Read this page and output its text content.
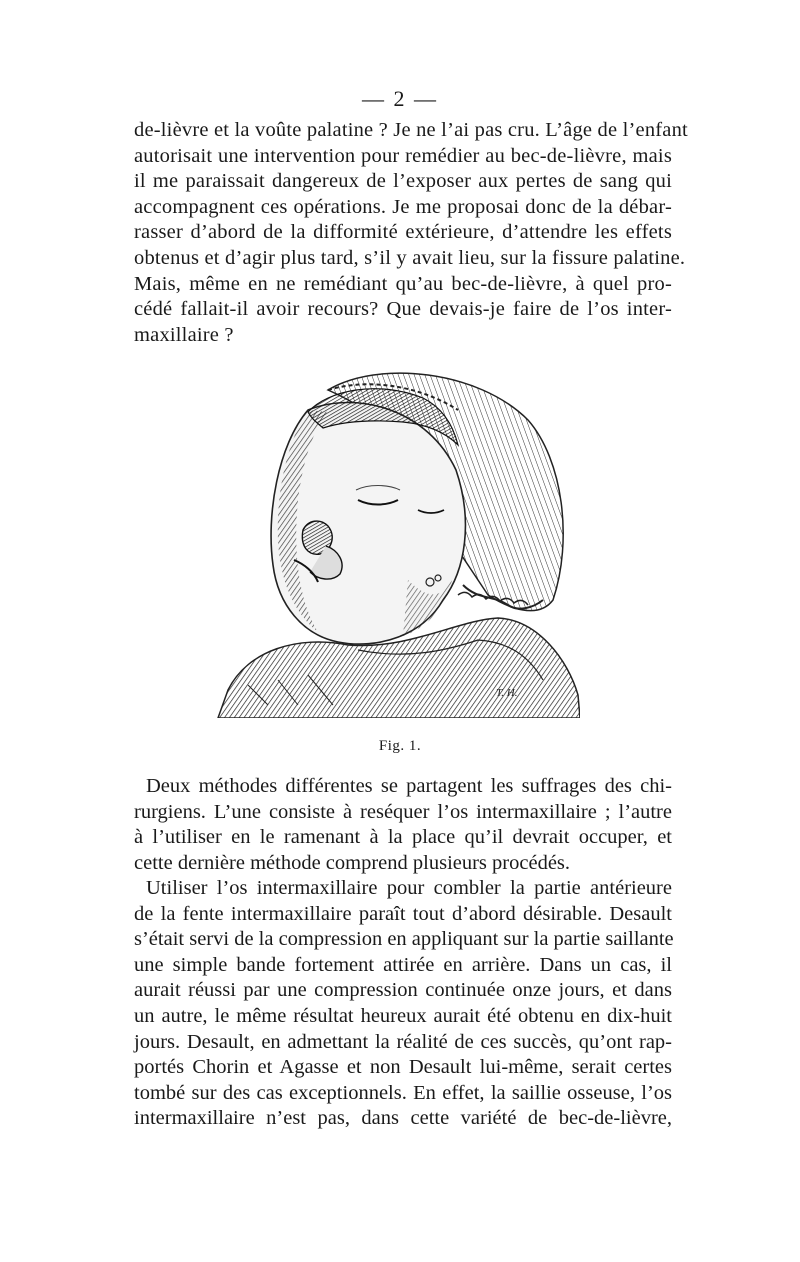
— 2 —

de-lièvre et la voûte palatine ? Je ne l’ai pas cru. L’âge de l’enfant
autorisait une intervention pour remédier au bec-de-lièvre, mais
il me paraissait dangereux de l’exposer aux pertes de sang qui
accompagnent ces opérations. Je me proposai donc de la débar-
rasser d’abord de la difformité extérieure, d’attendre les effets
obtenus et d’agir plus tard, s’il y avait lieu, sur la fissure palatine.
Mais, même en ne remédiant qu’au bec-de-lièvre, à quel pro-
cédé fallait-il avoir recours? Que devais-je faire de l’os inter-
maxillaire ?

T. H.
Fig. 1.

Deux méthodes différentes se partagent les suffrages des chi-
rurgiens. L’une consiste à reséquer l’os intermaxillaire ; l’autre
à l’utiliser en le ramenant à la place qu’il devrait occuper, et
cette dernière méthode comprend plusieurs procédés.

Utiliser l’os intermaxillaire pour combler la partie antérieure
de la fente intermaxillaire paraît tout d’abord désirable. Desault
s’était servi de la compression en appliquant sur la partie saillante
une simple bande fortement attirée en arrière. Dans un cas, il
aurait réussi par une compression continuée onze jours, et dans
un autre, le même résultat heureux aurait été obtenu en dix-huit
jours. Desault, en admettant la réalité de ces succès, qu’ont rap-
portés Chorin et Agasse et non Desault lui-même, serait certes
tombé sur des cas exceptionnels. En effet, la saillie osseuse, l’os
intermaxillaire n’est pas, dans cette variété de bec-de-lièvre,
